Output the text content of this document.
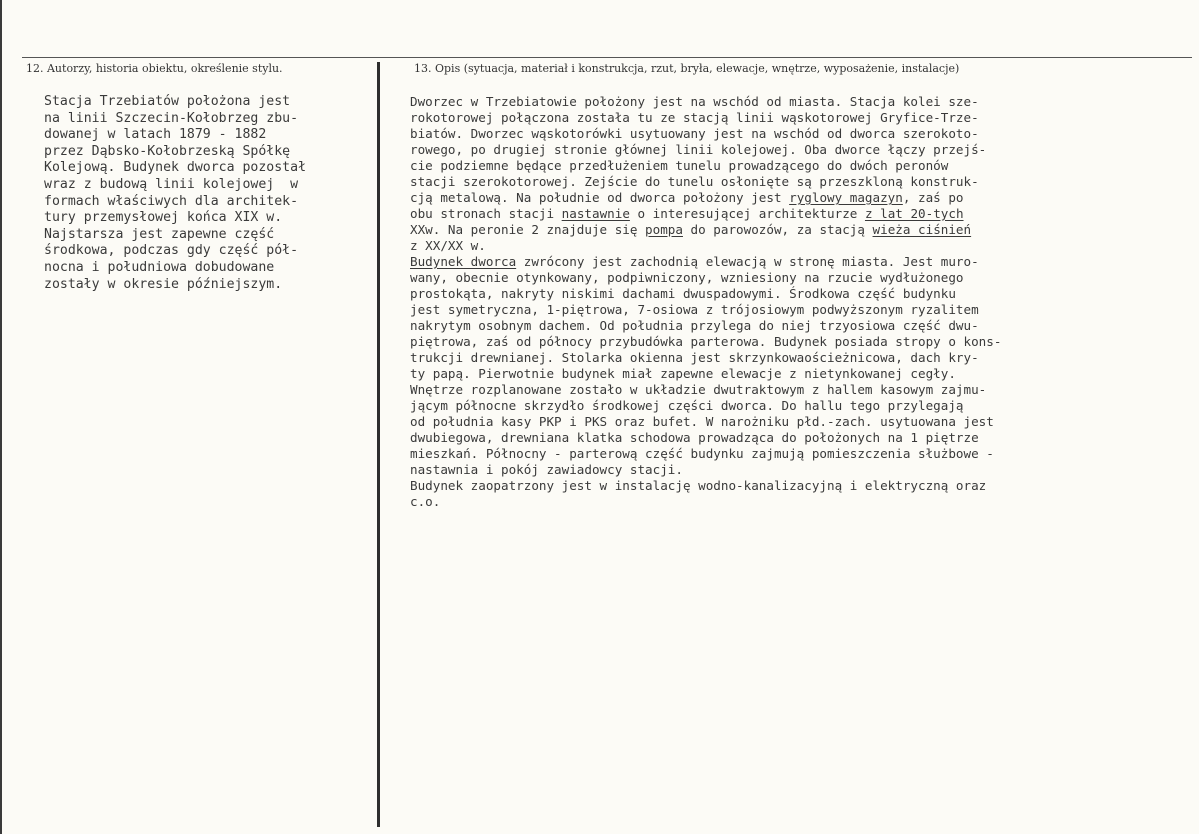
12. Autorzy, historia obiektu, określenie stylu.	13. Opis (sytuacja, materiał i konstrukcja, rzut, bryła, elewacje, wnętrze, wyposażenie, instalacje)
Stacja Trzebiatów położona jest
na linii Szczecin-Kołobrzeg zbu-
dowanej w latach 1879 - 1882
przez Dąbsko-Kołobrzeską Spółkę
Kolejową. Budynek dworca pozostał
wraz z budową linii kolejowej  w
formach właściwych dla architek-
tury przemysłowej końca XIX w.
Najstarsza jest zapewne część
środkowa, podczas gdy część pół-
nocna i południowa dobudowane
zostały w okresie późniejszym.
Dworzec w Trzebiatowie położony jest na wschód od miasta. Stacja kolei sze-
rokotorowej połączona została tu ze stacją linii wąskotorowej Gryfice-Trze-
biatów. Dworzec wąskotorówki usytuowany jest na wschód od dworca szerokoto-
rowego, po drugiej stronie głównej linii kolejowej. Oba dworce łączy przejś-
cie podziemne będące przedłużeniem tunelu prowadzącego do dwóch peronów
stacji szerokotorowej. Zejście do tunelu osłonięte są przeszkloną konstruk-
cją metalową. Na południe od dworca położony jest ryglowy magazyn, zaś po
obu stronach stacji nastawnie o interesującej architekturze z lat 20-tych
XXw. Na peronie 2 znajduje się pompa do parowozów, za stacją wieża ciśnień
z XX/XX w.
Budynek dworca zwrócony jest zachodnią elewacją w stronę miasta. Jest muro-
wany, obecnie otynkowany, podpiwniczony, wzniesiony na rzucie wydłużonego
prostokąta, nakryty niskimi dachami dwuspadowymi. Środkowa część budynku
jest symetryczna, 1-piętrowa, 7-osiowa z trójosiowym podwyższonym ryzalitem
nakrytym osobnym dachem. Od południa przylega do niej trzyosiowa część dwu-
piętrowa, zaś od północy przybudówka parterowa. Budynek posiada stropy o kons-
trukcji drewnianej. Stolarka okienna jest skrzynkowaościeżnicowa, dach kry-
ty papą. Pierwotnie budynek miał zapewne elewacje z nietynkowanej cegły.
Wnętrze rozplanowane zostało w układzie dwutraktowym z hallem kasowym zajmu-
jącym północne skrzydło środkowej części dworca. Do hallu tego przylegają
od południa kasy PKP i PKS oraz bufet. W narożniku płd.-zach. usytuowana jest
dwubiegowa, drewniana klatka schodowa prowadząca do położonych na 1 piętrze
mieszkań. Północny - parterową część budynku zajmują pomieszczenia służbowe -
nastawnia i pokój zawiadowcy stacji.
Budynek zaopatrzony jest w instalację wodno-kanalizacyjną i elektryczną oraz
c.o.
